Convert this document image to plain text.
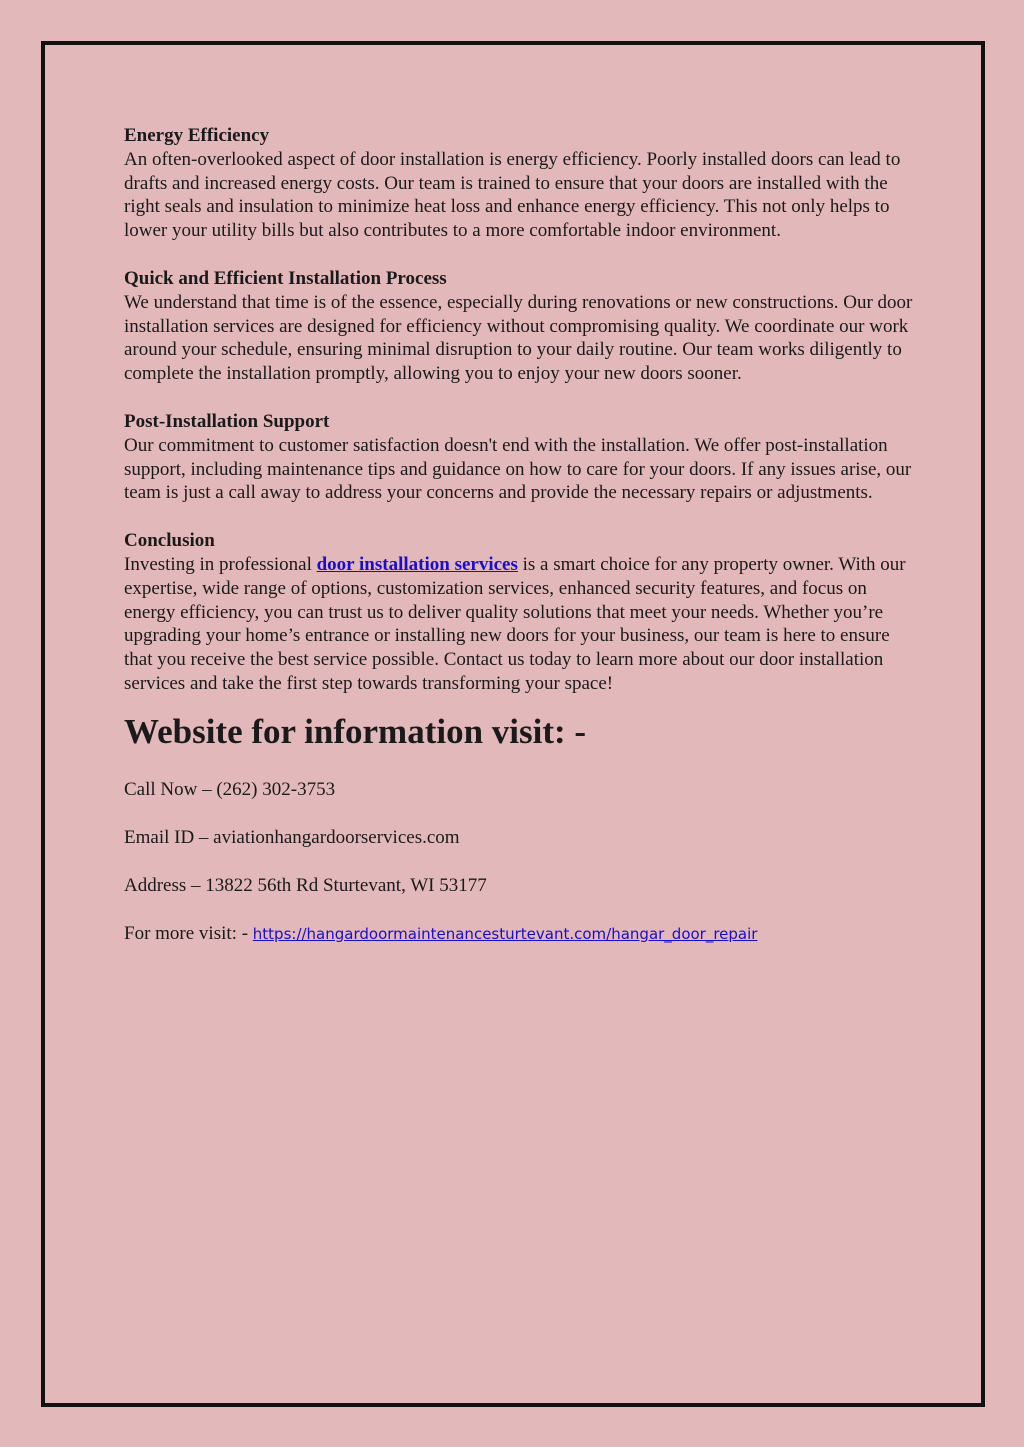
Energy Efficiency

An often-overlooked aspect of door installation is energy efficiency. Poorly installed doors can lead to drafts and increased energy costs. Our team is trained to ensure that your doors are installed with the right seals and insulation to minimize heat loss and enhance energy efficiency. This not only helps to lower your utility bills but also contributes to a more comfortable indoor environment.

Quick and Efficient Installation Process

We understand that time is of the essence, especially during renovations or new constructions. Our door installation services are designed for efficiency without compromising quality. We coordinate our work around your schedule, ensuring minimal disruption to your daily routine. Our team works diligently to complete the installation promptly, allowing you to enjoy your new doors sooner.

Post-Installation Support

Our commitment to customer satisfaction doesn't end with the installation. We offer post-installation support, including maintenance tips and guidance on how to care for your doors. If any issues arise, our team is just a call away to address your concerns and provide the necessary repairs or adjustments.

Conclusion

Investing in professional door installation services is a smart choice for any property owner. With our expertise, wide range of options, customization services, enhanced security features, and focus on energy efficiency, you can trust us to deliver quality solutions that meet your needs. Whether you’re upgrading your home’s entrance or installing new doors for your business, our team is here to ensure that you receive the best service possible. Contact us today to learn more about our door installation services and take the first step towards transforming your space!

Website for information visit: -

Call Now – (262) 302-3753

Email ID – aviationhangardoorservices.com

Address – 13822 56th Rd Sturtevant, WI 53177

For more visit: - https://hangardoormaintenancesturtevant.com/hangar_door_repair
